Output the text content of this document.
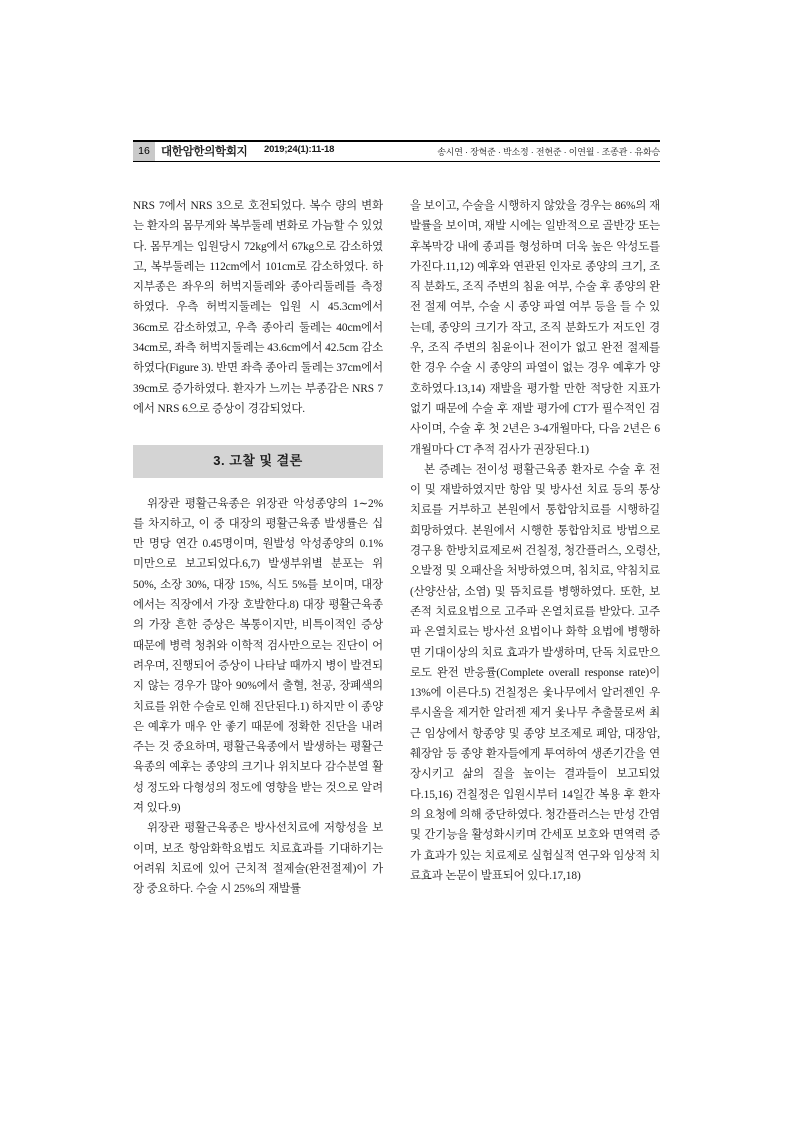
16 대한암한의학회지 2019;24(1):11-18	송시연 · 장혁준 · 박소정 · 전현준 · 이연월 · 조종관 · 유화승

NRS 7에서 NRS 3으로 호전되었다. 복수 량의 변화는 환자의 몸무게와 복부둘레 변화로 가늠할 수 있었다. 몸무게는 입원당시 72kg에서 67kg으로 감소하였고, 복부둘레는 112cm에서 101cm로 감소하였다. 하지부종은 좌우의 허벅지둘레와 종아리둘레를 측정하였다. 우측 허벅지둘레는 입원 시 45.3cm에서 36cm로 감소하였고, 우측 종아리 둘레는 40cm에서 34cm로, 좌측 허벅지둘레는 43.6cm에서 42.5cm 감소하였다(Figure 3). 반면 좌측 종아리 둘레는 37cm에서 39cm로 증가하였다. 환자가 느끼는 부종감은 NRS 7에서 NRS 6으로 증상이 경감되었다.

3. 고찰 및 결론

위장관 평활근육종은 위장관 악성종양의 1∼2%를 차지하고, 이 중 대장의 평활근육종 발생률은 십만 명당 연간 0.45명이며, 원발성 악성종양의 0.1% 미만으로 보고되었다.6,7) 발생부위별 분포는 위 50%, 소장 30%, 대장 15%, 식도 5%를 보이며, 대장에서는 직장에서 가장 호발한다.8) 대장 평활근육종의 가장 흔한 증상은 복통이지만, 비특이적인 증상 때문에 병력 청취와 이학적 검사만으로는 진단이 어려우며, 진행되어 증상이 나타날 때까지 병이 발견되지 않는 경우가 많아 90%에서 출혈, 천공, 장폐색의 치료를 위한 수술로 인해 진단된다.1) 하지만 이 종양은 예후가 매우 안 좋기 때문에 정확한 진단을 내려 주는 것 중요하며, 평활근육종에서 발생하는 평활근육종의 예후는 종양의 크기나 위치보다 감수분열 활성 정도와 다형성의 정도에 영향을 받는 것으로 알려져 있다.9)

위장관 평활근육종은 방사선치료에 저항성을 보이며, 보조 항암화학요법도 치료효과를 기대하기는 어려워 치료에 있어 근치적 절제술(완전절제)이 가장 중요하다. 수술 시 25%의 재발률

을 보이고, 수술을 시행하지 않았을 경우는 86%의 재발률을 보이며, 재발 시에는 일반적으로 골반강 또는 후복막강 내에 종괴를 형성하며 더욱 높은 악성도를 가진다.11,12) 예후와 연관된 인자로 종양의 크기, 조직 분화도, 조직 주변의 침윤 여부, 수술 후 종양의 완전 절제 여부, 수술 시 종양 파열 여부 등을 들 수 있는데, 종양의 크기가 작고, 조직 분화도가 저도인 경우, 조직 주변의 침윤이나 전이가 없고 완전 절제를 한 경우 수술 시 종양의 파열이 없는 경우 예후가 양호하였다.13,14) 재발을 평가할 만한 적당한 지표가 없기 때문에 수술 후 재발 평가에 CT가 필수적인 검사이며, 수술 후 첫 2년은 3-4개월마다, 다음 2년은 6개월마다 CT 추적 검사가 권장된다.1)

본 증례는 전이성 평활근육종 환자로 수술 후 전이 및 재발하였지만 항암 및 방사선 치료 등의 통상치료를 거부하고 본원에서 통합암치료를 시행하길 희망하였다. 본원에서 시행한 통합암치료 방법으로 경구용 한방치료제로써 건칠정, 청간플러스, 오령산, 오발정 및 오패산을 처방하였으며, 침치료, 약침치료(산양산삼, 소염) 및 뜸치료를 병행하였다. 또한, 보존적 치료요법으로 고주파 온열치료를 받았다. 고주파 온열치료는 방사선 요법이나 화학 요법에 병행하면 기대이상의 치료 효과가 발생하며, 단독 치료만으로도 완전 반응률(Complete overall response rate)이 13%에 이른다.5) 건칠정은 옻나무에서 알러젠인 우루시올을 제거한 알러젠 제거 옻나무 추출물로써 최근 임상에서 항종양 및 종양 보조제로 폐암, 대장암, 췌장암 등 종양 환자들에게 투여하여 생존기간을 연장시키고 삶의 질을 높이는 결과들이 보고되었다.15,16) 건칠정은 입원시부터 14일간 복용 후 환자의 요청에 의해 중단하였다. 청간플러스는 만성 간염 및 간기능을 활성화시키며 간세포 보호와 면역력 증가 효과가 있는 치료제로 실험실적 연구와 임상적 치료효과 논문이 발표되어 있다.17,18)
